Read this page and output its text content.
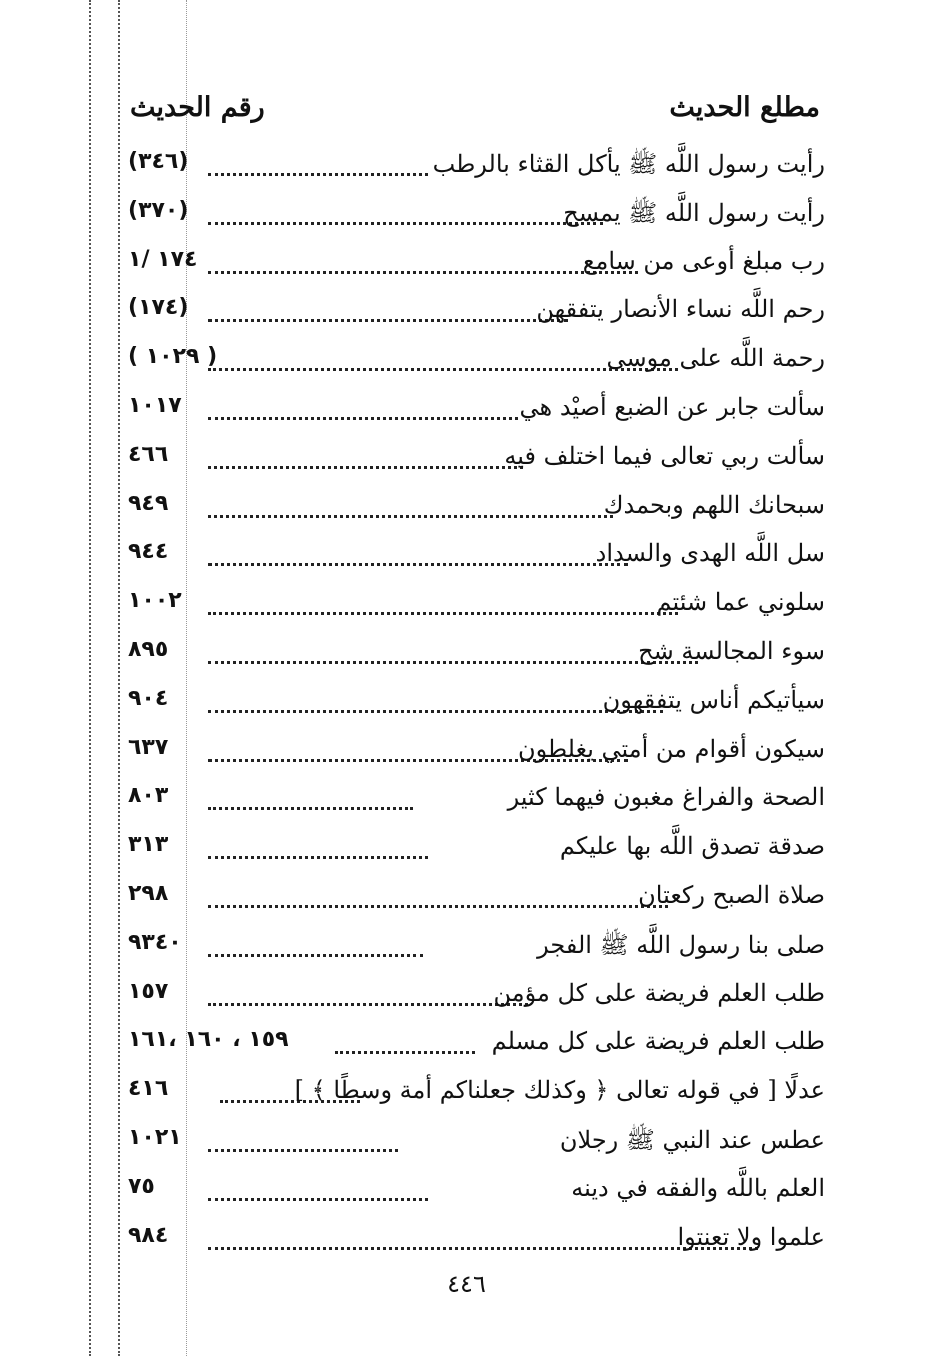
رقم الحديث	مطلع الحديث
(٣٤٦)	رأيت رسول اللَّه ﷺ يأكل القثاء بالرطب
(٣٧٠)	رأيت رسول اللَّه ﷺ يمسح
١٧٤ /١	رب مبلغ أوعى من سامع
(١٧٤)	رحم اللَّه نساء الأنصار يتفقهن
( ١٠٢٩ )	رحمة اللَّه على موسى
١٠١٧	سألت جابر عن الضبع أصيْد هي
٤٦٦	سألت ربي تعالى فيما اختلف فيه
٩٤٩	سبحانك اللهم وبحمدك
٩٤٤	سل اللَّه الهدى والسداد
١٠٠٢	سلوني عما شئتم
٨٩٥	سوء المجالسة شح
٩٠٤	سيأتيكم أناس يتفقهون
٦٣٧	سيكون أقوام من أمتي يغلطون
٨٠٣	الصحة والفراغ مغبون فيهما كثير
٣١٣	صدقة تصدق اللَّه بها عليكم
٢٩٨	صلاة الصبح ركعتان
٩٣٤٠	صلى بنا رسول اللَّه ﷺ الفجر
١٥٧	طلب العلم فريضة على كل مؤمن
١٥٩ ، ١٦٠ ،١٦١	طلب العلم فريضة على كل مسلم
٤١٦	عدلًا [ في قوله تعالى ﴿ وكذلك جعلناكم أمة وسطًا ﴾ ]
١٠٢١	عطس عند النبي ﷺ رجلان
٧٥	العلم باللَّه والفقه في دينه
٩٨٤	علموا ولا تعنتوا
٤٤٦
